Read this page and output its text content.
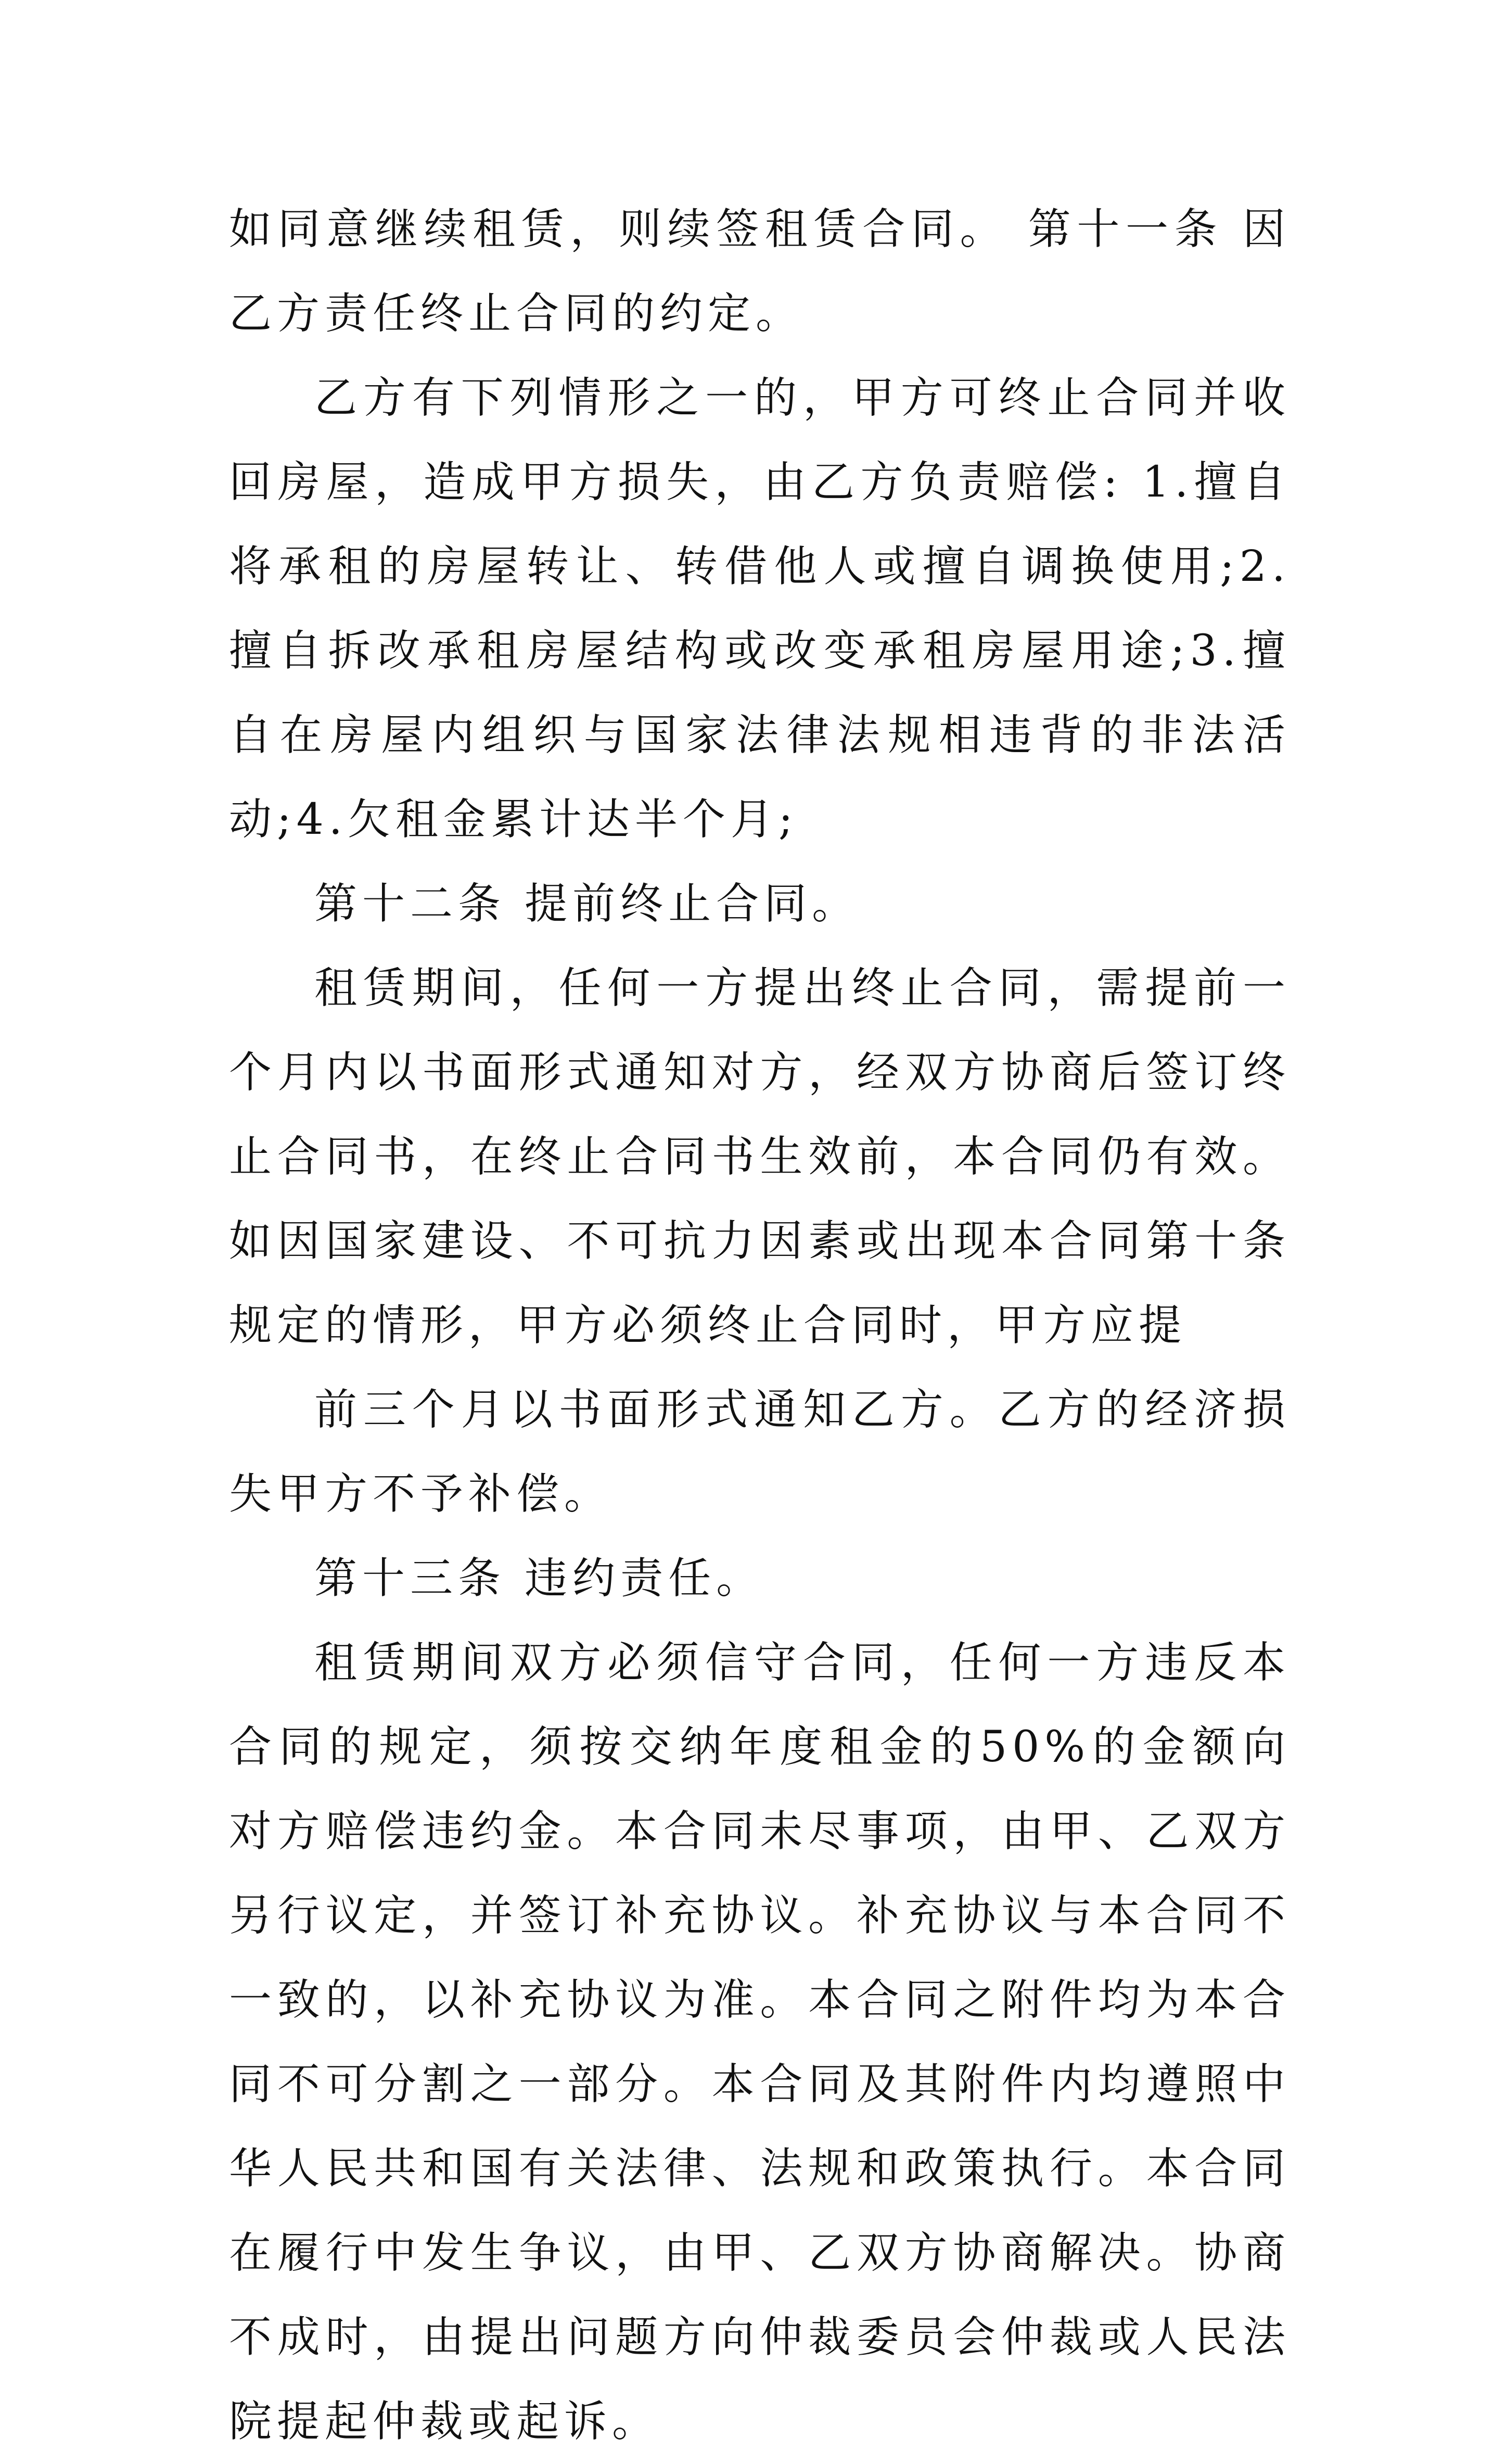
如同意继续租赁，则续签租赁合同。 第十一条 因乙方责任终止合同的约定。

乙方有下列情形之一的，甲方可终止合同并收回房屋，造成甲方损失，由乙方负责赔偿: 1.擅自将承租的房屋转让、转借他人或擅自调换使用;2.擅自拆改承租房屋结构或改变承租房屋用途;3.擅自在房屋内组织与国家法律法规相违背的非法活动;4.欠租金累计达半个月;

第十二条 提前终止合同。

租赁期间，任何一方提出终止合同，需提前一个月内以书面形式通知对方，经双方协商后签订终止合同书，在终止合同书生效前，本合同仍有效。如因国家建设、不可抗力因素或出现本合同第十条规定的情形，甲方必须终止合同时，甲方应提

前三个月以书面形式通知乙方。乙方的经济损失甲方不予补偿。

第十三条 违约责任。

租赁期间双方必须信守合同，任何一方违反本合同的规定，须按交纳年度租金的50%的金额向对方赔偿违约金。本合同未尽事项，由甲、乙双方另行议定，并签订补充协议。补充协议与本合同不一致的，以补充协议为准。本合同之附件均为本合同不可分割之一部分。本合同及其附件内均遵照中华人民共和国有关法律、法规和政策执行。本合同在履行中发生争议，由甲、乙双方协商解决。协商不成时，由提出问题方向仲裁委员会仲裁或人民法院提起仲裁或起诉。
